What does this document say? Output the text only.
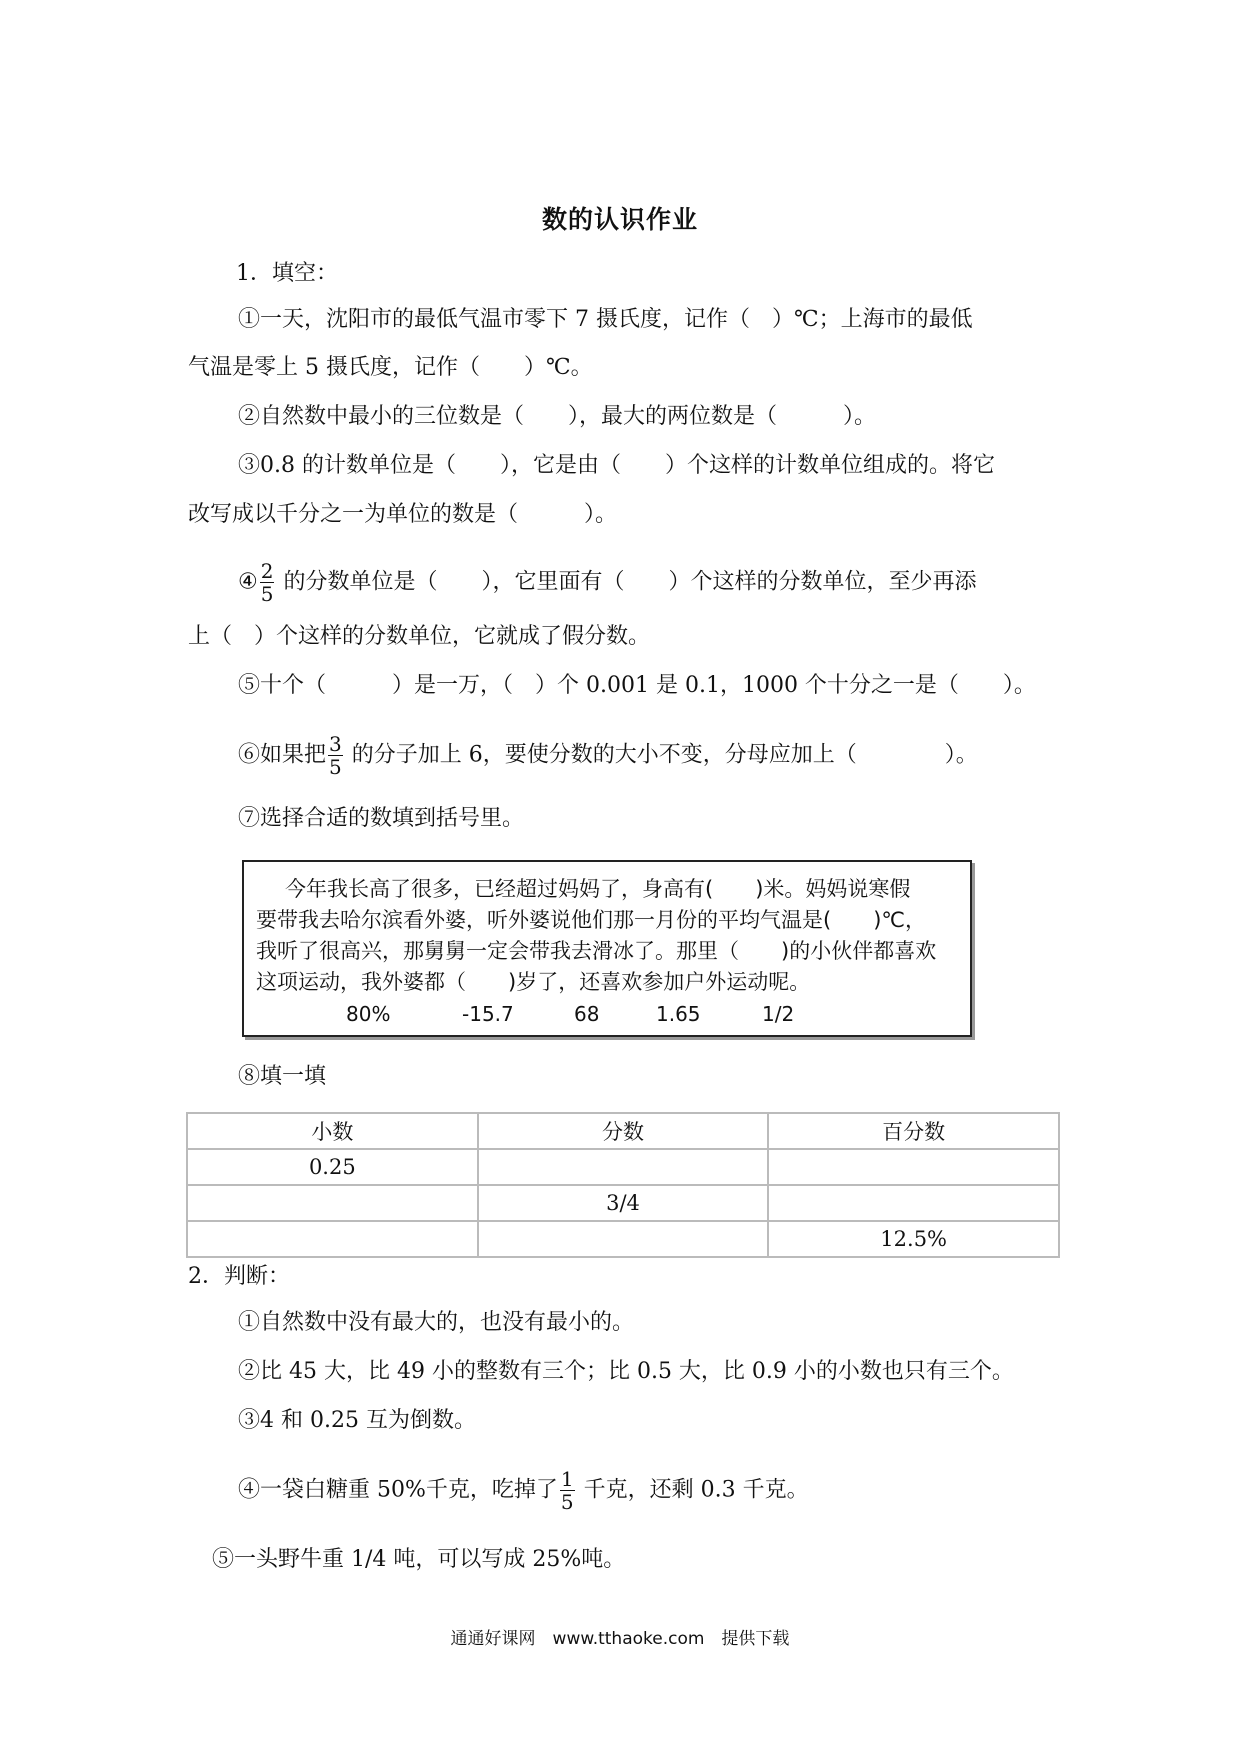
数的认识作业
1．填空：
①一天，沈阳市的最低气温市零下 7 摄氏度，记作（　）℃；上海市的最低
气温是零上 5 摄氏度，记作（　　）℃。
②自然数中最小的三位数是（　　），最大的两位数是（　　　）。
③0.8 的计数单位是（　　），它是由（　　）个这样的计数单位组成的。将它
改写成以千分之一为单位的数是（　　　）。
④ $\frac{2}{5}$ 的分数单位是（　　），它里面有（　　）个这样的分数单位，至少再添
上（　）个这样的分数单位，它就成了假分数。
⑤十个（　　　）是一万，（　）个 0.001 是 0.1，1000 个十分之一是（　　）。
⑥如果把 $\frac{3}{5}$ 的分子加上 6，要使分数的大小不变，分母应加上（　　　　）。
⑦选择合适的数填到括号里。
　今年我长高了很多，已经超过妈妈了，身高有(　　)米。妈妈说寒假
要带我去哈尔滨看外婆，听外婆说他们那一月份的平均气温是(　　)℃，
我听了很高兴，那舅舅一定会带我去滑冰了。那里（　　)的小伙伴都喜欢
这项运动，我外婆都（　　)岁了，还喜欢参加户外运动呢。
80%	-15.7	68	1.65	1/2
⑧填一填
小数	分数	百分数
0.25		
	3/4	
		12.5%
2．判断：
①自然数中没有最大的，也没有最小的。
②比 45 大，比 49 小的整数有三个；比 0.5 大，比 0.9 小的小数也只有三个。
③4 和 0.25 互为倒数。
④一袋白糖重 50%千克，吃掉了 $\frac{1}{5}$ 千克，还剩 0.3 千克。
⑤一头野牛重 1/4 吨，可以写成 25%吨。
通通好课网　www.tthaoke.com　提供下载
